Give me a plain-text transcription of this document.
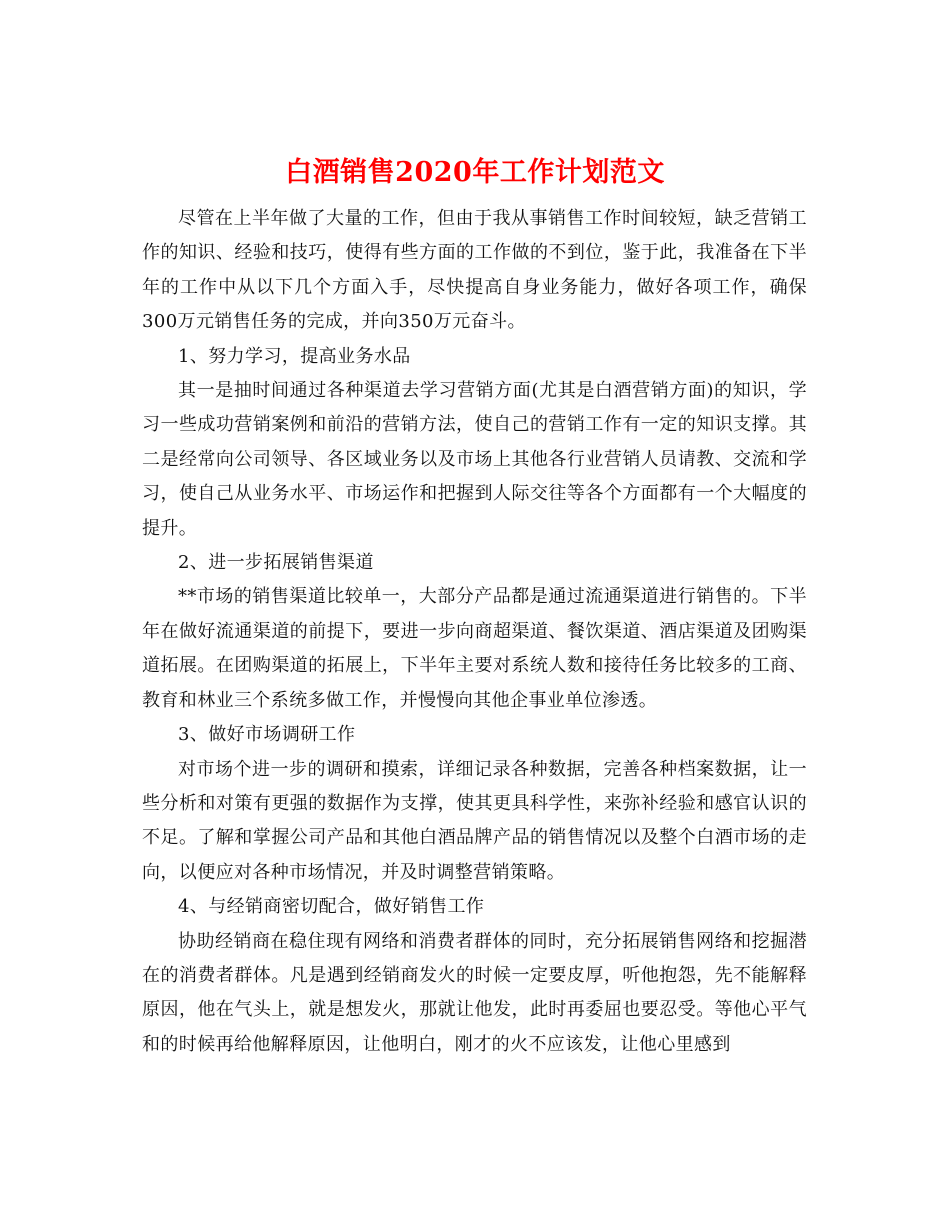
白酒销售2020年工作计划范文

尽管在上半年做了大量的工作，但由于我从事销售工作时间较短，缺乏营销工作的知识、经验和技巧，使得有些方面的工作做的不到位，鉴于此，我准备在下半年的工作中从以下几个方面入手，尽快提高自身业务能力，做好各项工作，确保300万元销售任务的完成，并向350万元奋斗。

1、努力学习，提高业务水品

其一是抽时间通过各种渠道去学习营销方面(尤其是白酒营销方面)的知识，学习一些成功营销案例和前沿的营销方法，使自己的营销工作有一定的知识支撑。其二是经常向公司领导、各区域业务以及市场上其他各行业营销人员请教、交流和学习，使自己从业务水平、市场运作和把握到人际交往等各个方面都有一个大幅度的提升。

2、进一步拓展销售渠道

**市场的销售渠道比较单一，大部分产品都是通过流通渠道进行销售的。下半年在做好流通渠道的前提下，要进一步向商超渠道、餐饮渠道、酒店渠道及团购渠道拓展。在团购渠道的拓展上，下半年主要对系统人数和接待任务比较多的工商、教育和林业三个系统多做工作，并慢慢向其他企事业单位渗透。

3、做好市场调研工作

对市场个进一步的调研和摸索，详细记录各种数据，完善各种档案数据，让一些分析和对策有更强的数据作为支撑，使其更具科学性，来弥补经验和感官认识的不足。了解和掌握公司产品和其他白酒品牌产品的销售情况以及整个白酒市场的走向，以便应对各种市场情况，并及时调整营销策略。

4、与经销商密切配合，做好销售工作

协助经销商在稳住现有网络和消费者群体的同时，充分拓展销售网络和挖掘潜在的消费者群体。凡是遇到经销商发火的时候一定要皮厚，听他抱怨，先不能解释原因，他在气头上，就是想发火，那就让他发，此时再委屈也要忍受。等他心平气和的时候再给他解释原因，让他明白，刚才的火不应该发，让他心里感到
